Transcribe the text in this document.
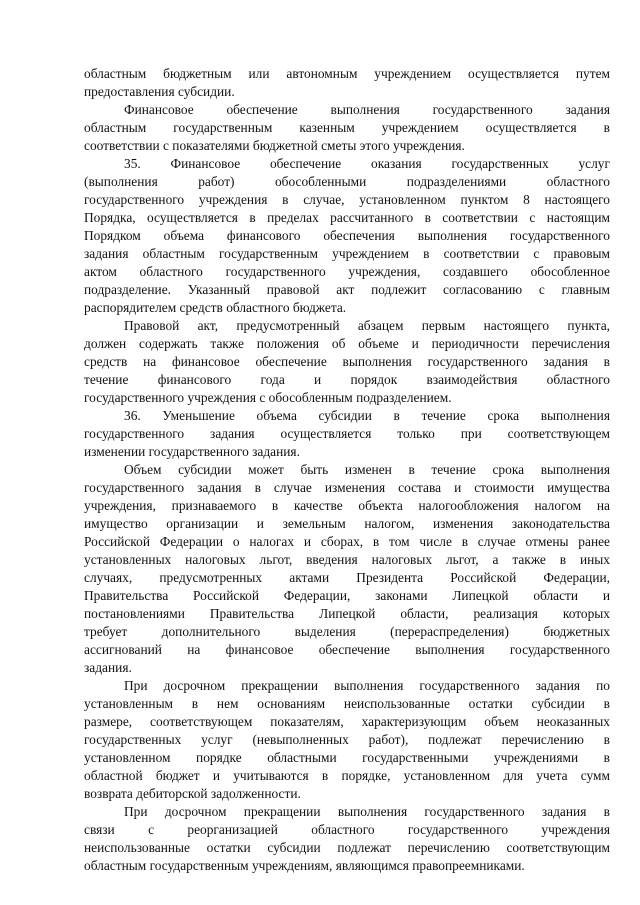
областным бюджетным или автономным учреждением осуществляется путем
предоставления субсидии.
Финансовое обеспечение выполнения государственного задания
областным государственным казенным учреждением осуществляется в
соответствии с показателями бюджетной сметы этого учреждения.
35. Финансовое обеспечение оказания государственных услуг
(выполнения работ) обособленными подразделениями областного
государственного учреждения в случае, установленном пунктом 8 настоящего
Порядка, осуществляется в пределах рассчитанного в соответствии с настоящим
Порядком объема финансового обеспечения выполнения государственного
задания областным государственным учреждением в соответствии с правовым
актом областного государственного учреждения, создавшего обособленное
подразделение. Указанный правовой акт подлежит согласованию с главным
распорядителем средств областного бюджета.
Правовой акт, предусмотренный абзацем первым настоящего пункта,
должен содержать также положения об объеме и периодичности перечисления
средств на финансовое обеспечение выполнения государственного задания в
течение финансового года и порядок взаимодействия областного
государственного учреждения с обособленным подразделением.
36. Уменьшение объема субсидии в течение срока выполнения
государственного задания осуществляется только при соответствующем
изменении государственного задания.
Объем субсидии может быть изменен в течение срока выполнения
государственного задания в случае изменения состава и стоимости имущества
учреждения, признаваемого в качестве объекта налогообложения налогом на
имущество организации и земельным налогом, изменения законодательства
Российской Федерации о налогах и сборах, в том числе в случае отмены ранее
установленных налоговых льгот, введения налоговых льгот, а также в иных
случаях, предусмотренных актами Президента Российской Федерации,
Правительства Российской Федерации, законами Липецкой области и
постановлениями Правительства Липецкой области, реализация которых
требует дополнительного выделения (перераспределения) бюджетных
ассигнований на финансовое обеспечение выполнения государственного
задания.
При досрочном прекращении выполнения государственного задания по
установленным в нем основаниям неиспользованные остатки субсидии в
размере, соответствующем показателям, характеризующим объем неоказанных
государственных услуг (невыполненных работ), подлежат перечислению в
установленном порядке областными государственными учреждениями в
областной бюджет и учитываются в порядке, установленном для учета сумм
возврата дебиторской задолженности.
При досрочном прекращении выполнения государственного задания в
связи с реорганизацией областного государственного учреждения
неиспользованные остатки субсидии подлежат перечислению соответствующим
областным государственным учреждениям, являющимся правопреемниками.
